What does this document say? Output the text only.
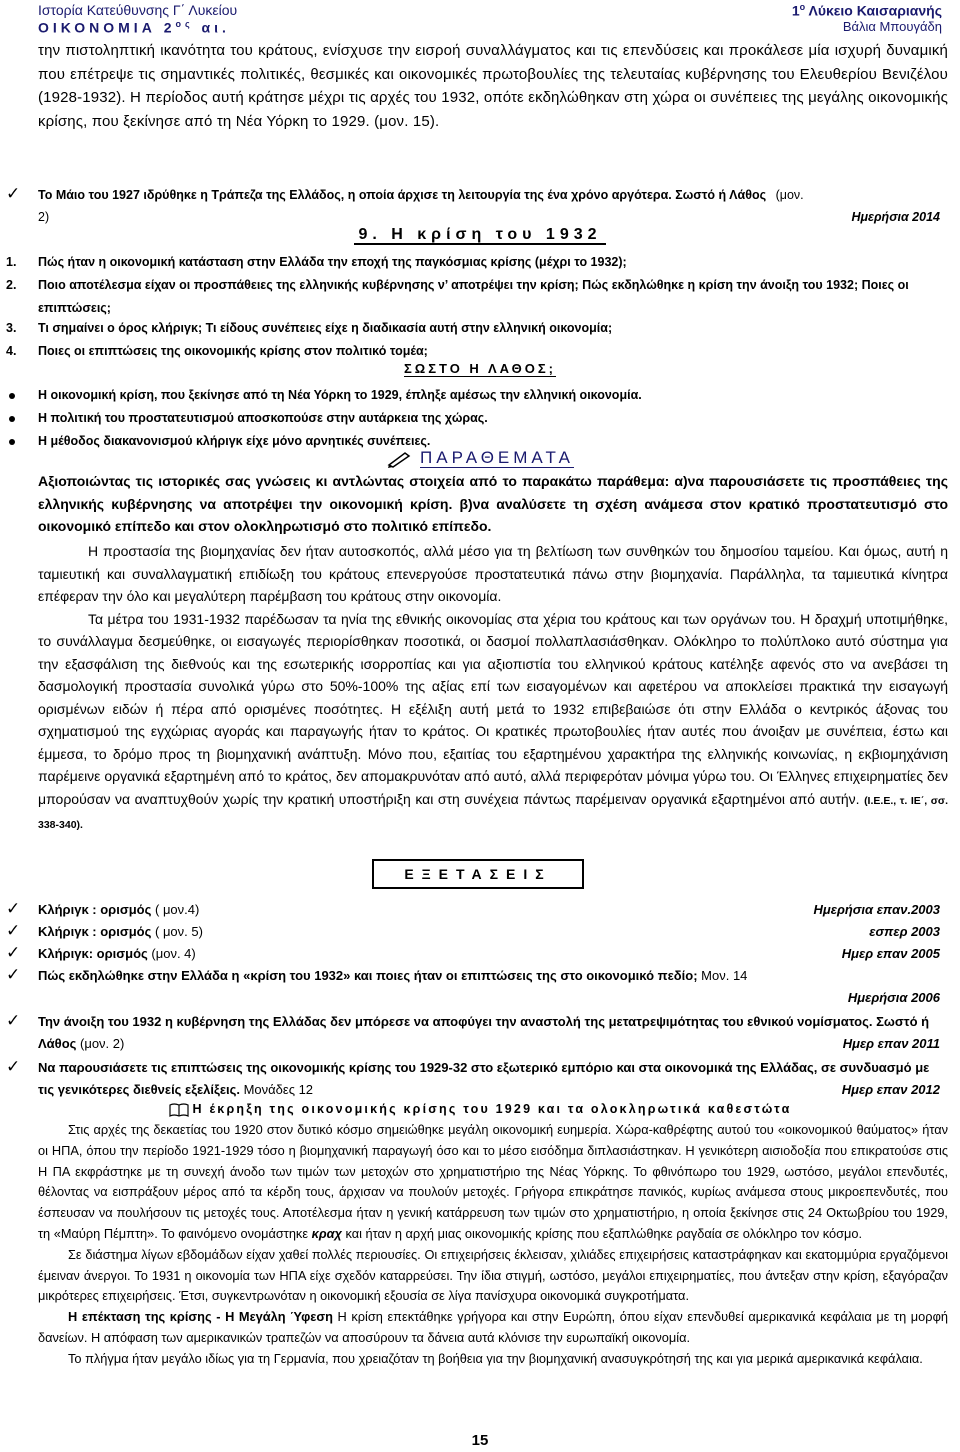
Ιστορία Κατεύθυνσης Γ΄ Λυκείου
ΟΙΚΟΝΟΜΙΑ $2^{o\varsigma}$ αι.
$1^o$ Λύκειο Καισαριανής
Βάλια Μπουγάδη
την πιστοληπτική ικανότητα του κράτους, ενίσχυσε την εισροή συναλλάγματος και τις επενδύσεις και προκάλεσε μία ισχυρή δυναμική που επέτρεψε τις σημαντικές πολιτικές, θεσμικές και οικονομικές πρωτοβουλίες της τελευταίας κυβέρνησης του Ελευθερίου Βενιζέλου (1928-1932). Η περίοδος αυτή κράτησε μέχρι τις αρχές του 1932, οπότε εκδηλώθηκαν στη χώρα οι συνέπειες της μεγάλης οικονομικής κρίσης, που ξεκίνησε από τη Νέα Υόρκη το 1929. (μον. 15).
✓ Το Μάιο του 1927 ιδρύθηκε η Τράπεζα της Ελλάδος, η οποία άρχισε τη λειτουργία της ένα χρόνο αργότερα. Σωστό ή Λάθος (μον.
2)	Ημερήσια 2014
9. Η κρίση του 1932
1. Πώς ήταν η οικονομική κατάσταση στην Ελλάδα την εποχή της παγκόσμιας κρίσης (μέχρι το 1932);
2. Ποιο αποτέλεσμα είχαν οι προσπάθειες της ελληνικής κυβέρνησης ν’ αποτρέψει την κρίση; Πώς εκδηλώθηκε η κρίση την άνοιξη του 1932; Ποιες οι επιπτώσεις;
3. Τι σημαίνει ο όρος κλήριγκ; Τι είδους συνέπειες είχε η διαδικασία αυτή στην ελληνική οικονομία;
4. Ποιες οι επιπτώσεις της οικονομικής κρίσης στον πολιτικό τομέα;
ΣΩΣΤΟ Η ΛΑΘΟΣ;
Η οικονομική κρίση, που ξεκίνησε από τη Νέα Υόρκη το 1929, έπληξε αμέσως την ελληνική οικονομία.
Η πολιτική του προστατευτισμού αποσκοπούσε στην αυτάρκεια της χώρας.
Η μέθοδος διακανονισμού κλήριγκ είχε μόνο αρνητικές συνέπειες.
ΠΑΡΑΘΕΜΑΤΑ
Αξιοποιώντας τις ιστορικές σας γνώσεις κι αντλώντας στοιχεία από το παρακάτω παράθεμα: α)να παρουσιάσετε τις προσπάθειες της ελληνικής κυβέρνησης να αποτρέψει την οικονομική κρίση. β)να αναλύσετε τη σχέση ανάμεσα στον κρατικό προστατευτισμό στο οικονομικό επίπεδο και στον ολοκληρωτισμό στο πολιτικό επίπεδο.

Η προστασία της βιομηχανίας δεν ήταν αυτοσκοπός, αλλά μέσο για τη βελτίωση των συνθηκών του δημοσίου ταμείου. Και όμως, αυτή η ταμιευτική και συναλλαγματική επιδίωξη του κράτους επενεργούσε προστατευτικά πάνω στην βιομηχανία. Παράλληλα, τα ταμιευτικά κίνητρα επέφεραν την όλο και μεγαλύτερη παρέμβαση του κράτους στην οικονομία.

Τα μέτρα του 1931-1932 παρέδωσαν τα ηνία της εθνικής οικονομίας στα χέρια του κράτους και των οργάνων του. Η δραχμή υποτιμήθηκε, το συνάλλαγμα δεσμεύθηκε, οι εισαγωγές περιορίσθηκαν ποσοτικά, οι δασμοί πολλαπλασιάσθηκαν. Ολόκληρο το πολύπλοκο αυτό σύστημα για την εξασφάλιση της διεθνούς και της εσωτερικής ισορροπίας και για αξιοπιστία του ελληνικού κράτους κατέληξε αφενός στο να ανεβάσει τη δασμολογική προστασία συνολικά γύρω στο 50%-100% της αξίας επί των εισαγομένων και αφετέρου να αποκλείσει πρακτικά την εισαγωγή ορισμένων ειδών ή πέρα από ορισμένες ποσότητες. Η εξέλιξη αυτή μετά το 1932 επιβεβαιώσε ότι στην Ελλάδα ο κεντρικός άξονας του σχηματισμού της εγχώριας αγοράς και παραγωγής ήταν το κράτος. Οι κρατικές πρωτοβουλίες ήταν αυτές που άνοιξαν με συνέπεια, έστω και έμμεσα, το δρόμο προς τη βιομηχανική ανάπτυξη. Μόνο που, εξαιτίας του εξαρτημένου χαρακτήρα της ελληνικής κοινωνίας, η εκβιομηχάνιση παρέμεινε οργανικά εξαρτημένη από το κράτος, δεν απομακρυνόταν από αυτό, αλλά περιφερόταν μόνιμα γύρω του. Οι Έλληνες επιχειρηματίες δεν μπορούσαν να αναπτυχθούν χωρίς την κρατική υποστήριξη και στη συνέχεια πάντως παρέμειναν οργανικά εξαρτημένοι από αυτήν. (Ι.Ε.Ε., τ. ΙΕ΄, σσ. 338-340).

ΕΞΕΤΑΣΕΙΣ
✓ Κλήριγκ : ορισμός ( μον.4)	Ημερήσια επαν.2003
✓ Κλήριγκ : ορισμός ( μον. 5)	εσπερ 2003
✓ Κλήριγκ: ορισμός (μον. 4)	Ημερ επαν 2005
✓ Πώς εκδηλώθηκε στην Ελλάδα η «κρίση του 1932» και ποιες ήταν οι επιπτώσεις της στο οικονομικό πεδίο; Μον. 14
Ημερήσια 2006
✓ Την άνοιξη του 1932 η κυβέρνηση της Ελλάδας δεν μπόρεσε να αποφύγει την αναστολή της μετατρεψιμότητας του εθνικού νομίσματος. Σωστό ή Λάθος (μον. 2)	Ημερ επαν 2011
✓ Να παρουσιάσετε τις επιπτώσεις της οικονομικής κρίσης του 1929-32 στο εξωτερικό εμπόριο και στα οικονομικά της Ελλάδας, σε συνδυασμό με τις γενικότερες διεθνείς εξελίξεις. Μονάδες 12	Ημερ επαν 2012
Η έκρηξη της οικονομικής κρίσης του 1929 και τα ολοκληρωτικά καθεστώτα

Στις αρχές της δεκαετίας του 1920 στον δυτικό κόσμο σημειώθηκε μεγάλη οικονομική ευημερία. Χώρα-καθρέφτης αυτού του «οικονομικού θαύματος» ήταν οι ΗΠΑ, όπου την περίοδο 1921-1929 τόσο η βιομηχανική παραγωγή όσο και το μέσο εισόδημα διπλασιάστηκαν. Η γενικότερη αισιοδοξία που επικρατούσε στις Η ΠΑ εκφράστηκε με τη συνεχή άνοδο των τιμών των μετοχών στο χρηματιστήριο της Νέας Υόρκης. Το φθινόπωρο του 1929, ωστόσο, μεγάλοι επενδυτές, θέλοντας να εισπράξουν μέρος από τα κέρδη τους, άρχισαν να πουλούν μετοχές. Γρήγορα επικράτησε πανικός, κυρίως ανάμεσα στους μικροεπενδυτές, που έσπευσαν να πουλήσουν τις μετοχές τους. Αποτέλεσμα ήταν η γενική κατάρρευση των τιμών στο χρηματιστήριο, η οποία ξεκίνησε στις 24 Οκτωβρίου του 1929, τη «Μαύρη Πέμπτη». Το φαινόμενο ονομάστηκε κραχ και ήταν η αρχή μιας οικονομικής κρίσης που εξαπλώθηκε ραγδαία σε ολόκληρο τον κόσμο.

Σε διάστημα λίγων εβδομάδων είχαν χαθεί πολλές περιουσίες. Οι επιχειρήσεις έκλεισαν, χιλιάδες επιχειρήσεις καταστράφηκαν και εκατομμύρια εργαζόμενοι έμειναν άνεργοι. Το 1931 η οικονομία των ΗΠΑ είχε σχεδόν καταρρεύσει. Την ίδια στιγμή, ωστόσο, μεγάλοι επιχειρηματίες, που άντεξαν στην κρίση, εξαγόραζαν μικρότερες επιχειρήσεις. Έτσι, συγκεντρωνόταν η οικονομική εξουσία σε λίγα πανίσχυρα οικονομικά συγκροτήματα.

Η επέκταση της κρίσης - Η Μεγάλη Ύφεση Η κρίση επεκτάθηκε γρήγορα και στην Ευρώπη, όπου είχαν επενδυθεί αμερικανικά κεφάλαια με τη μορφή δανείων. Η απόφαση των αμερικανικών τραπεζών να αποσύρουν τα δάνεια αυτά κλόνισε την ευρωπαϊκή οικονομία.

Το πλήγμα ήταν μεγάλο ιδίως για τη Γερμανία, που χρειαζόταν τη βοήθεια για την βιομηχανική ανασυγκρότησή της και για μερικά αμερικανικά κεφάλαια.

15
